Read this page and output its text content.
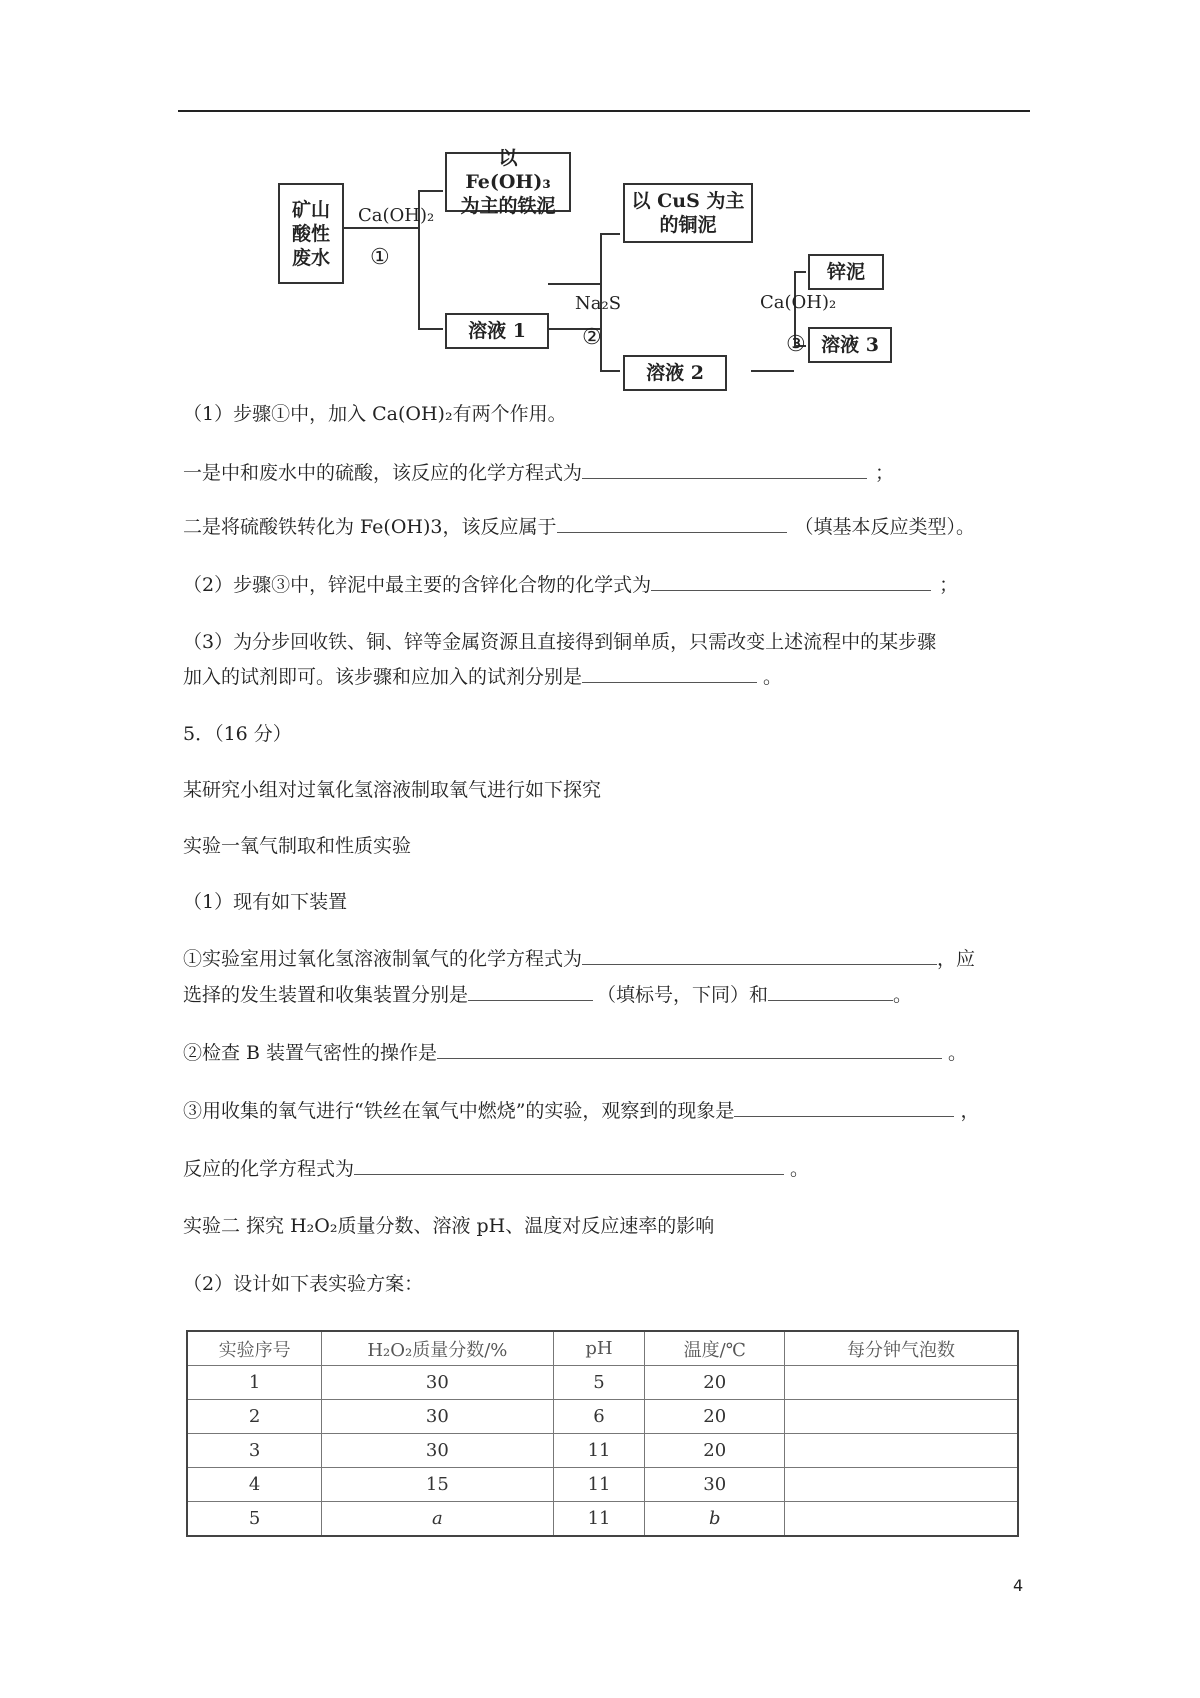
矿山酸性废水
Ca(OH)₂
①
以 Fe(OH)₃ 为主的铁泥
溶液 1
Na₂S
②
以 CuS 为主的铜泥
溶液 2
锌泥
溶液 3
Ca(OH)₂
③
（1）步骤①中，加入 Ca(OH)₂有两个作用。
一是中和废水中的硫酸，该反应的化学方程式为	；
二是将硫酸铁转化为 Fe(OH)3，该反应属于	（填基本反应类型）。
（2）步骤③中，锌泥中最主要的含锌化合物的化学式为	；
（3）为分步回收铁、铜、锌等金属资源且直接得到铜单质，只需改变上述流程中的某步骤
加入的试剂即可。该步骤和应加入的试剂分别是	。
5．（16 分）
某研究小组对过氧化氢溶液制取氧气进行如下探究
实验一氧气制取和性质实验
（1）现有如下装置
①实验室用过氧化氢溶液制氧气的化学方程式为	，应
选择的发生装置和收集装置分别是	（填标号，下同）和	。
②检查 B 装置气密性的操作是	。
③用收集的氧气进行“铁丝在氧气中燃烧”的实验，观察到的现象是	，
反应的化学方程式为	。
实验二 探究 H₂O₂质量分数、溶液 pH、温度对反应速率的影响
（2）设计如下表实验方案：
实验序号	H₂O₂质量分数/%	pH	温度/℃	每分钟气泡数
1	30	5	20	
2	30	6	20	
3	30	11	20	
4	15	11	30	
5	a	11	b	
4
